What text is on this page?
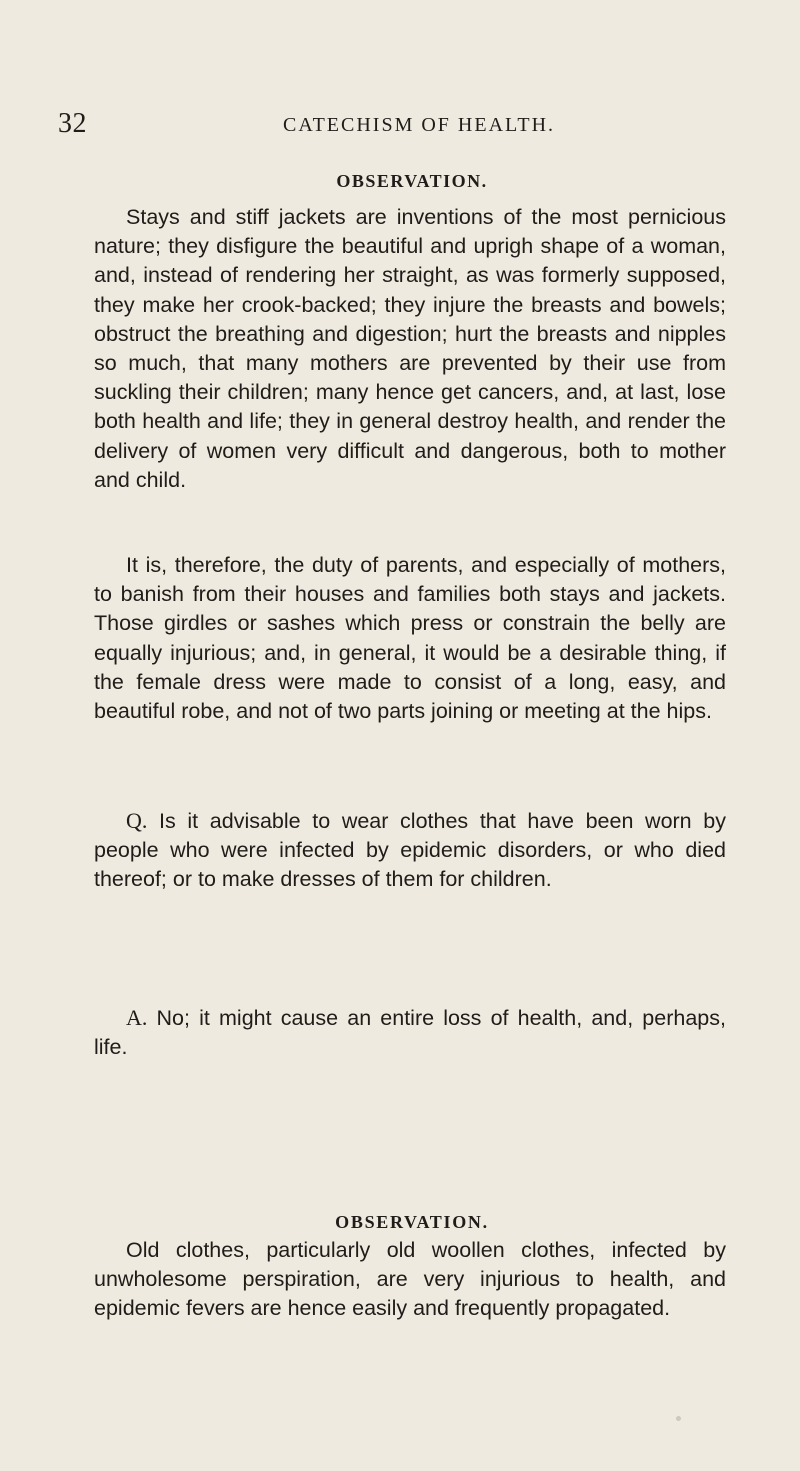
32	CATECHISM OF HEALTH.
OBSERVATION.

Stays and stiff jackets are inventions of the most pernicious nature; they disfigure the beautiful and uprigh shape of a woman, and, instead of rendering her straight, as was formerly supposed, they make her crook-backed; they injure the breasts and bowels; obstruct the breathing and digestion; hurt the breasts and nipples so much, that many mothers are prevented by their use from suckling their children; many hence get cancers, and, at last, lose both health and life; they in general destroy health, and render the delivery of women very difficult and dangerous, both to mother and child.

It is, therefore, the duty of parents, and especially of mothers, to banish from their houses and families both stays and jackets. Those girdles or sashes which press or constrain the belly are equally injurious; and, in general, it would be a desirable thing, if the female dress were made to consist of a long, easy, and beautiful robe, and not of two parts joining or meeting at the hips.

Q. Is it advisable to wear clothes that have been worn by people who were infected by epidemic disorders, or who died thereof; or to make dresses of them for children.

A. No; it might cause an entire loss of health, and, perhaps, life.

OBSERVATION.

Old clothes, particularly old woollen clothes, infected by unwholesome perspiration, are very injurious to health, and epidemic fevers are hence easily and frequently propagated.
